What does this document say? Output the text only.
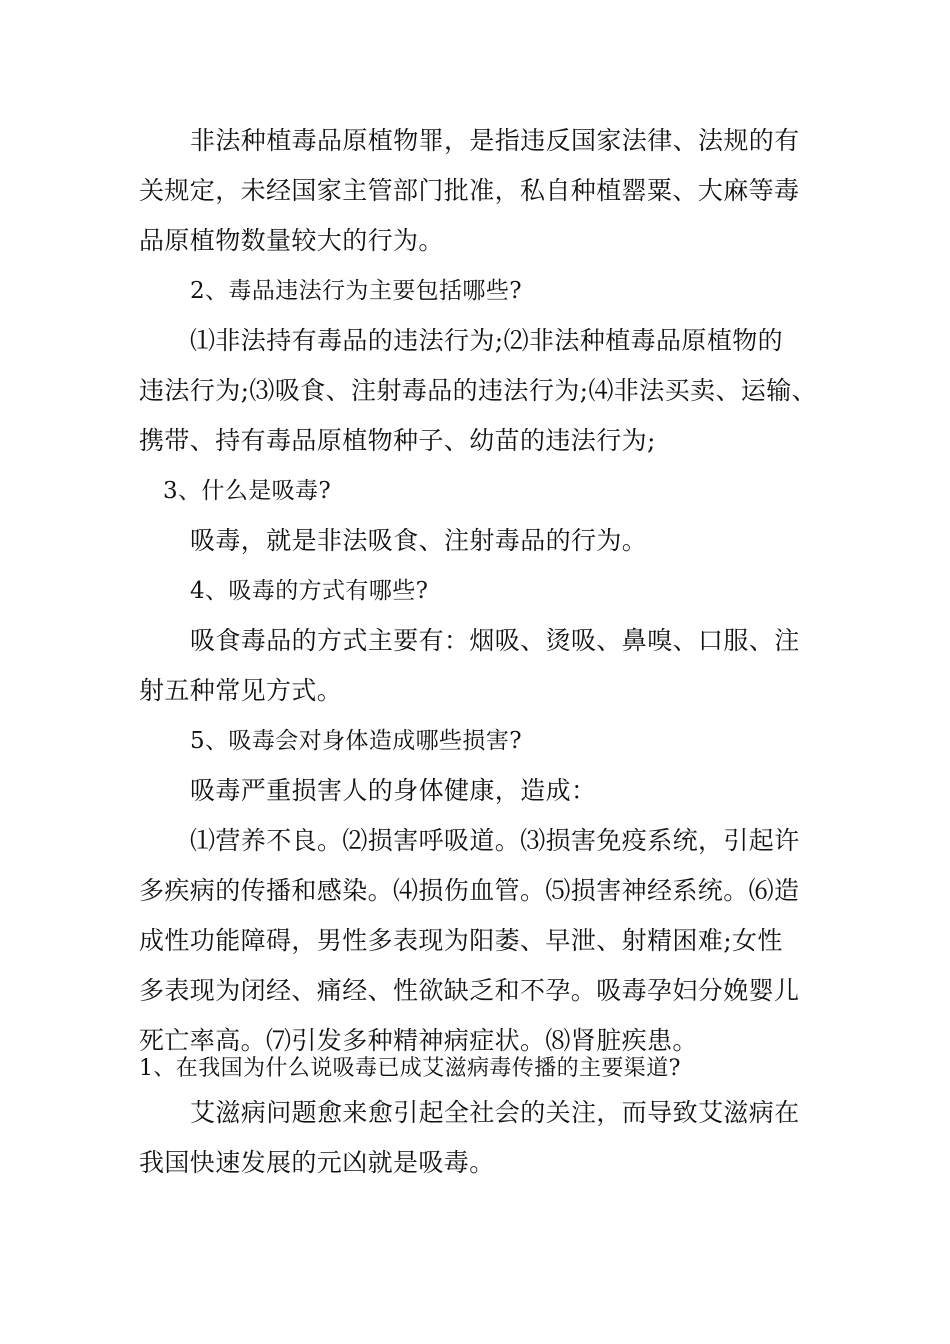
非法种植毒品原植物罪，是指违反国家法律、法规的有
关规定，未经国家主管部门批准，私自种植罂粟、大麻等毒
品原植物数量较大的行为。
2、毒品违法行为主要包括哪些?
⑴非法持有毒品的违法行为;⑵非法种植毒品原植物的
违法行为;⑶吸食、注射毒品的违法行为;⑷非法买卖、运输、
携带、持有毒品原植物种子、幼苗的违法行为;
3、什么是吸毒?
吸毒，就是非法吸食、注射毒品的行为。
4、吸毒的方式有哪些?
吸食毒品的方式主要有：烟吸、烫吸、鼻嗅、口服、注
射五种常见方式。
5、吸毒会对身体造成哪些损害?
吸毒严重损害人的身体健康，造成：
⑴营养不良。⑵损害呼吸道。⑶损害免疫系统，引起许
多疾病的传播和感染。⑷损伤血管。⑸损害神经系统。⑹造
成性功能障碍，男性多表现为阳萎、早泄、射精困难;女性
多表现为闭经、痛经、性欲缺乏和不孕。吸毒孕妇分娩婴儿
死亡率高。⑺引发多种精神病症状。⑻肾脏疾患。
1、在我国为什么说吸毒已成艾滋病毒传播的主要渠道?
艾滋病问题愈来愈引起全社会的关注，而导致艾滋病在
我国快速发展的元凶就是吸毒。
